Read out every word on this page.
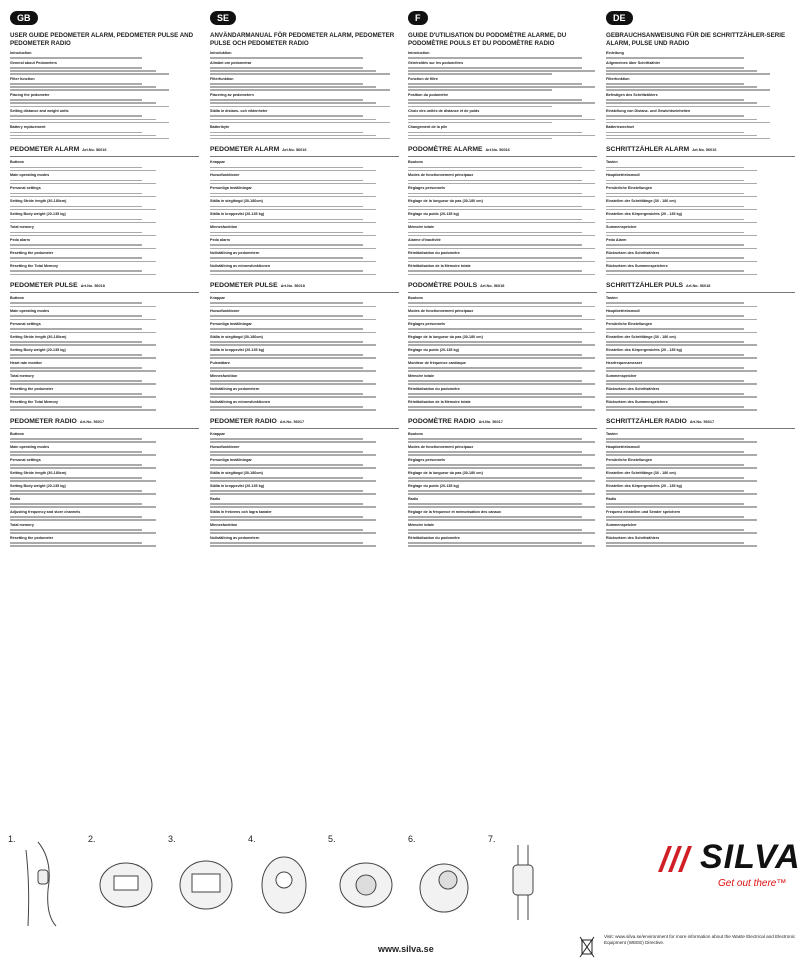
GB
USER GUIDE PEDOMETER ALARM, PEDOMETER PULSE AND PEDOMETER RADIO
Introduction
General about Pedometers
Filter function
Placing the pedometer
Setting distance and weight units
Battery replacement
PEDOMETER ALARM Art.No. 56016
Buttons
Main operating modes
Personal settings
Setting Stride length (30-180cm)
Setting Body weight (20-135 kg)
Total memory
Pedo alarm
Resetting the pedometer
Resetting the Total Memory
PEDOMETER PULSE Art.No. 56018
Buttons
Main operating modes
Personal settings
Setting Stride length (30-180cm)
Setting Body weight (20-135 kg)
Heart rate monitor
Total memory
Resetting the pedometer
Resetting the Total Memory
PEDOMETER RADIO Art.No. 56017
Buttons
Main operating modes
Personal settings
Setting Stride length (30-180cm)
Setting Body weight (20-135 kg)
Radio
Adjusting frequency and store channels
Total memory
Resetting the pedometer
SE
ANVÄNDARMANUAL FÖR PEDOMETER ALARM, PEDOMETER PULSE OCH PEDOMETER RADIO
Introduktion
Allmänt om pedometrar
Filterfunktion
Placering av pedometern
Ställa in distans- och viktenheter
Batteribyte
PEDOMETER ALARM Art.No. 56016
Knappar
Huvudfunktioner
Personliga inställningar
Ställa in steglängd (30-180cm)
Ställa in kroppsvikt (20-135 kg)
Minnesfunktion
Pedo alarm
Nollställning av pedometern
Nollställning av minnesfunktionen
PEDOMETER PULSE Art.No. 56018
Knappar
Huvudfunktioner
Personliga inställningar
Ställa in steglängd (30-180cm)
Ställa in kroppsvikt (20-135 kg)
Pulsmätare
Minnesfunktion
Nollställning av pedometern
Nollställning av minnesfunktionen
PEDOMETER RADIO Art.No. 56017
Knappar
Huvudfunktioner
Personliga inställningar
Ställa in steglängd (30-180cm)
Ställa in kroppsvikt (20-135 kg)
Radio
Ställa in frekvens och lagra kanaler
Minnesfunktion
Nollställning av pedometern
F
GUIDE D'UTILISATION DU PODOMÈTRE ALARME, DU PODOMÈTRE POULS ET DU PODOMÈTRE RADIO
Introduction
Généralités sur les podomètres
Fonction de filtre
Position du podomètre
Choix des unités de distance et de poids
Changement de la pile
PODOMÈTRE ALARME Art.No. 56016
Boutons
Modes de fonctionnement principaux
Réglages personnels
Réglage de la longueur du pas (30-180 cm)
Réglage du poids (20-135 kg)
Mémoire totale
Alarme d'inactivité
Réinitialisation du podomètre
Réinitialisation de la Mémoire totale
PODOMÈTRE POULS Art.No. 56018
Boutons
Modes de fonctionnement principaux
Réglages personnels
Réglage de la longueur du pas (30-180 cm)
Réglage du poids (20-135 kg)
Moniteur de fréquence cardiaque
Mémoire totale
Réinitialisation du podomètre
Réinitialisation de la Mémoire totale
PODOMÈTRE RADIO Art.No. 56017
Boutons
Modes de fonctionnement principaux
Réglages personnels
Réglage de la longueur du pas (30-180 cm)
Réglage du poids (20-135 kg)
Radio
Réglage de la fréquence et mémorisation des canaux
Mémoire totale
Réinitialisation du podomètre
DE
GEBRAUCHSANWEISUNG FÜR DIE SCHRITTZÄHLER-SERIE ALARM, PULSE UND RADIO
Einleitung
Allgemeines über Schrittzähler
Filterfunktion
Befestigen des Schrittzählers
Einstellung von Distanz- und Gewichtseinheiten
Batteriewechsel
SCHRITTZÄHLER ALARM Art.No. 56016
Tasten
Hauptbetriebsmodi
Persönliche Einstellungen
Einstellen der Schrittlänge (30 - 180 cm)
Einstellen des Körpergewichts (20 - 135 kg)
Summenspeicher
Pedo Alarm
Rücksetzen des Schrittzählers
Rücksetzen des Summenspeichers
SCHRITTZÄHLER PULS Art.No. 56018
Tasten
Hauptbetriebsmodi
Persönliche Einstellungen
Einstellen der Schrittlänge (30 - 180 cm)
Einstellen des Körpergewichts (20 - 135 kg)
Herzfrequenzmesser
Summenspeicher
Rücksetzen des Schrittzählers
Rücksetzen des Summenspeichers
SCHRITTZÄHLER RADIO Art.No. 56017
Tasten
Hauptbetriebsmodi
Persönliche Einstellungen
Einstellen der Schrittlänge (30 - 180 cm)
Einstellen des Körpergewichts (20 - 135 kg)
Radio
Frequenz einstellen und Sender speichern
Summenspeicher
Rücksetzen des Schrittzählers
1.	2.	3.	4.	5.	6.	7.	SILVA
Get out there™
www.silva.se
Visit: www.silva.se/environment for more information about the Waste Electrical and Electronic Equipment (WEEE) Directive.
